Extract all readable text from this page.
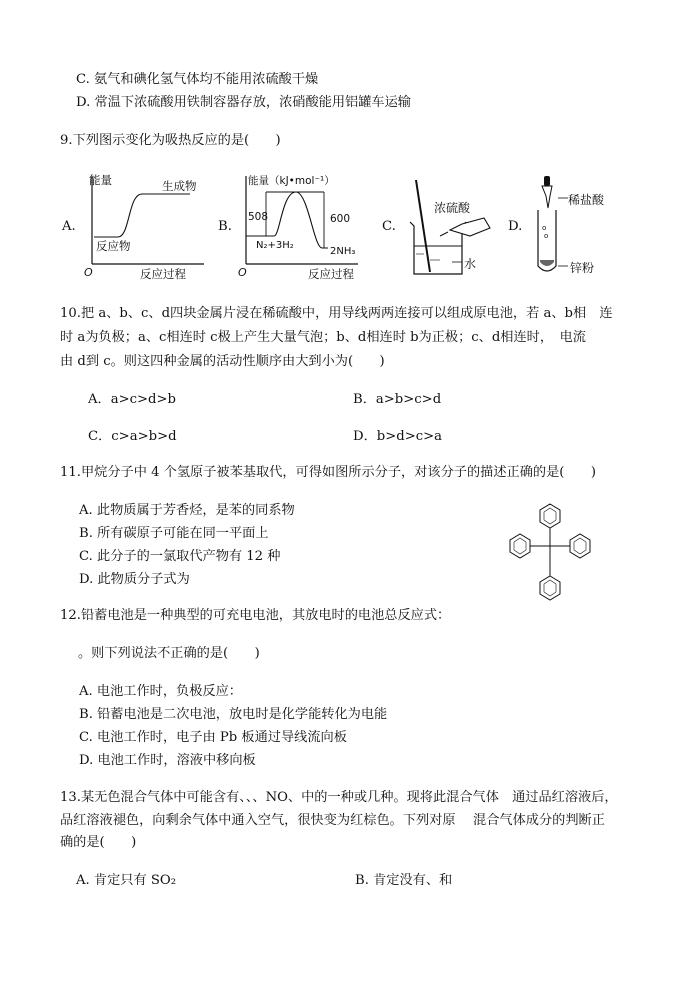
C. 氨气和碘化氢气体均不能用浓硫酸干燥
D. 常温下浓硫酸用铁制容器存放，浓硝酸能用铝罐车运输
9.下列图示变化为吸热反应的是(　　)
A.
能量	生成物
反应物
O	反应过程
B.
能量（kJ•mol⁻¹）
508	600
N₂+3H₂
2NH₃
O	反应过程
C.
浓硫酸
水
D.
稀盐酸
o
o
锌粉
10.把 a、b、c、d四块金属片浸在稀硫酸中，用导线两两连接可以组成原电池，若 a、b相　连
时 a为负极；a、c相连时 c极上产生大量气泡；b、d相连时 b为正极；c、d相连时，　电流
由 d到 c。则这四种金属的活动性顺序由大到小为(　　)
A．a>c>d>b	B．a>b>c>d
C．c>a>b>d	D．b>d>c>a
11.甲烷分子中 4 个氢原子被苯基取代，可得如图所示分子，对该分子的描述正确的是(　　)
A. 此物质属于芳香烃，是苯的同系物
B. 所有碳原子可能在同一平面上
C. 此分子的一氯取代产物有 12 种
D. 此物质分子式为
12.铅蓄电池是一种典型的可充电电池，其放电时的电池总反应式：
。则下列说法不正确的是(　　)
A. 电池工作时，负极反应：
B. 铅蓄电池是二次电池，放电时是化学能转化为电能
C. 电池工作时，电子由 Pb 板通过导线流向板
D. 电池工作时，溶液中移向板
13.某无色混合气体中可能含有、、、NO、中的一种或几种。现将此混合气体　通过品红溶液后，
品红溶液褪色，向剩余气体中通入空气，很快变为红棕色。下列对原　 混合气体成分的判断正
确的是(　　)
A. 肯定只有 SO₂	B. 肯定没有、和
